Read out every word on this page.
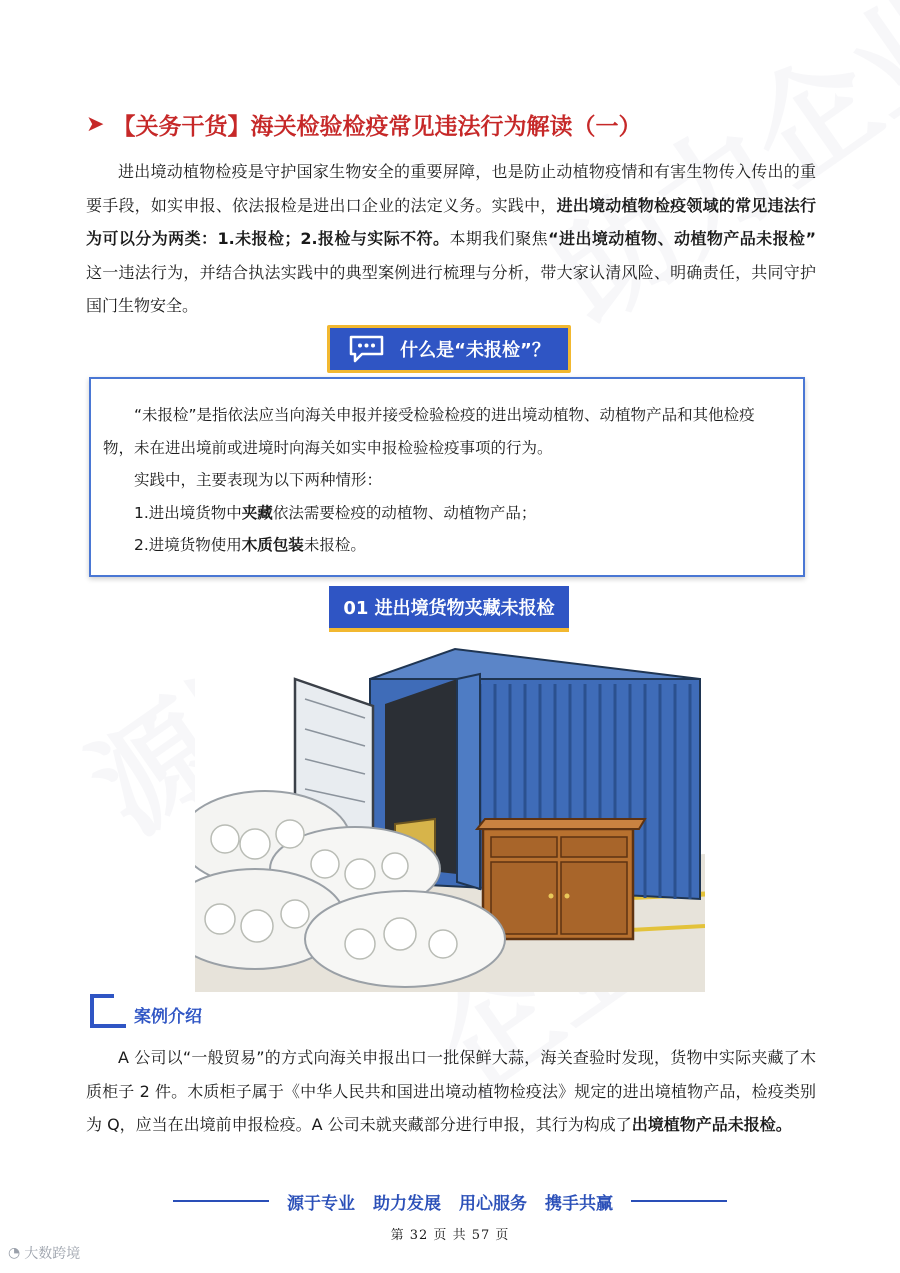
➤ 【关务干货】海关检验检疫常见违法行为解读（一）

进出境动植物检疫是守护国家生物安全的重要屏障，也是防止动植物疫情和有害生物传入传出的重要手段，如实申报、依法报检是进出口企业的法定义务。实践中，进出境动植物检疫领域的常见违法行为可以分为两类：1.未报检；2.报检与实际不符。本期我们聚焦“进出境动植物、动植物产品未报检” 这一违法行为，并结合执法实践中的典型案例进行梳理与分析，带大家认清风险、明确责任，共同守护国门生物安全。

什么是“未报检”？

“未报检”是指依法应当向海关申报并接受检验检疫的进出境动植物、动植物产品和其他检疫物，未在进出境前或进境时向海关如实申报检验检疫事项的行为。

实践中，主要表现为以下两种情形：

1.进出境货物中夹藏依法需要检疫的动植物、动植物产品；

2.进境货物使用木质包装未报检。

01 进出境货物夹藏未报检
案例介绍

A 公司以“一般贸易”的方式向海关申报出口一批保鲜大蒜，海关查验时发现，货物中实际夹藏了木质柜子 2 件。木质柜子属于《中华人民共和国进出境动植物检疫法》规定的进出境植物产品，检疫类别为 Q，应当在出境前申报检疫。A 公司未就夹藏部分进行申报，其行为构成了出境植物产品未报检。

源于专业 助力发展 用心服务 携手共赢
第 32 页 共 57 页
◔ 大数跨境
